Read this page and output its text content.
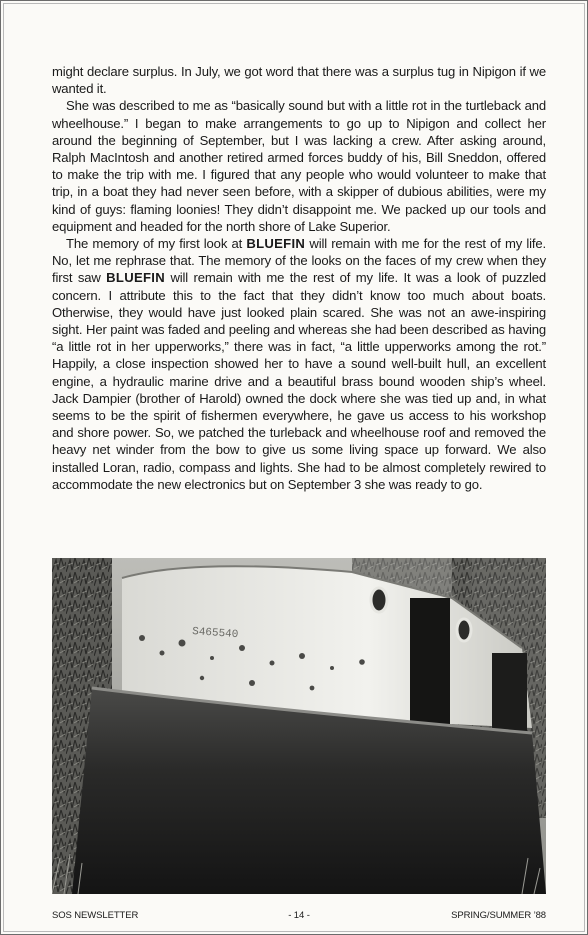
might declare surplus. In July, we got word that there was a surplus tug in Nipigon if we wanted it.

She was described to me as “basically sound but with a little rot in the turtleback and wheelhouse.” I began to make arrangements to go up to Nipigon and collect her around the beginning of September, but I was lacking a crew. After asking around, Ralph MacIntosh and another retired armed forces buddy of his, Bill Sneddon, offered to make the trip with me. I figured that any people who would volunteer to make that trip, in a boat they had never seen before, with a skipper of dubious abilities, were my kind of guys: flaming loonies! They didn’t disappoint me. We packed up our tools and equipment and headed for the north shore of Lake Superior.

The memory of my first look at BLUEFIN will remain with me for the rest of my life. No, let me rephrase that. The memory of the looks on the faces of my crew when they first saw BLUEFIN will remain with me the rest of my life. It was a look of puzzled concern. I attribute this to the fact that they didn’t know too much about boats. Otherwise, they would have just looked plain scared. She was not an awe-inspiring sight. Her paint was faded and peeling and whereas she had been described as having “a little rot in her upperworks,” there was in fact, “a little upperworks among the rot.” Happily, a close inspection showed her to have a sound well-built hull, an excellent engine, a hydraulic marine drive and a beautiful brass bound wooden ship’s wheel. Jack Dampier (brother of Harold) owned the dock where she was tied up and, in what seems to be the spirit of fishermen everywhere, he gave us access to his workshop and shore power. So, we patched the turleback and wheelhouse roof and removed the heavy net winder from the bow to give us some living space up forward. We also installed Loran, radio, compass and lights. She had to be almost completely rewired to accommodate the new electronics but on September 3 she was ready to go.

S465540
SOS NEWSLETTER	- 14 -	SPRING/SUMMER ’88
